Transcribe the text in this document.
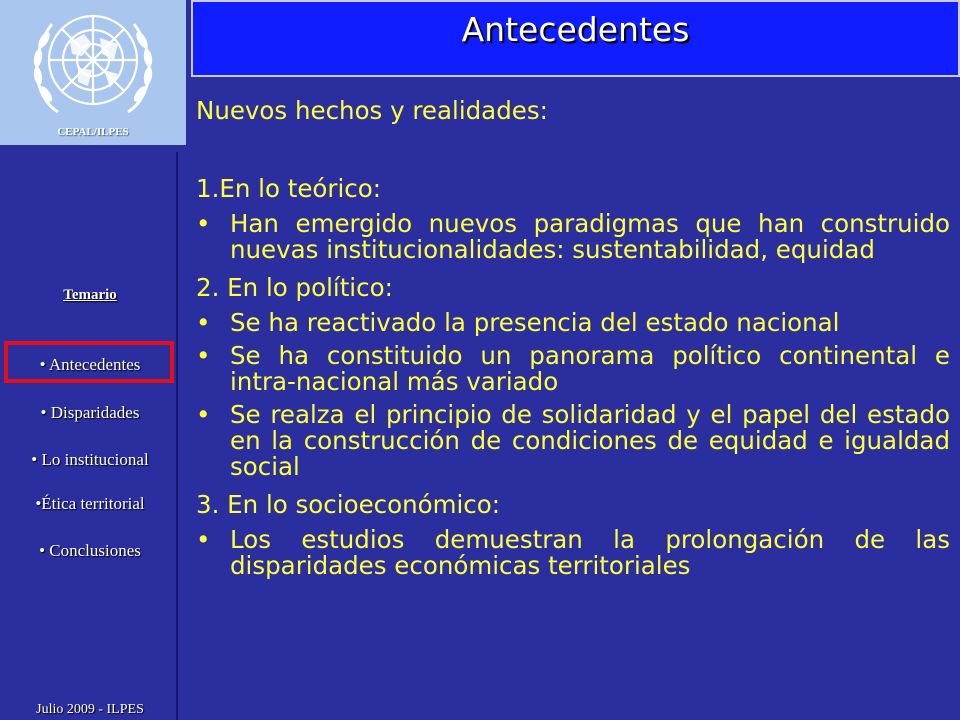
CEPAL/ILPES
Temario
• Antecedentes
• Disparidades
• Lo institucional
•Ética territorial
• Conclusiones
Julio 2009 - ILPES
Antecedentes

Nuevos hechos y realidades:

1.En lo teórico:

• Han emergido nuevos paradigmas que han construido nuevas institucionalidades: sustentabilidad, equidad

2. En lo político:

• Se ha reactivado la presencia del estado nacional

• Se ha constituido un panorama político continental e intra-nacional más variado

• Se realza el principio de solidaridad y el papel del estado en la construcción de condiciones de equidad e igualdad social

3. En lo socioeconómico:

• Los estudios demuestran la prolongación de las disparidades económicas territoriales
